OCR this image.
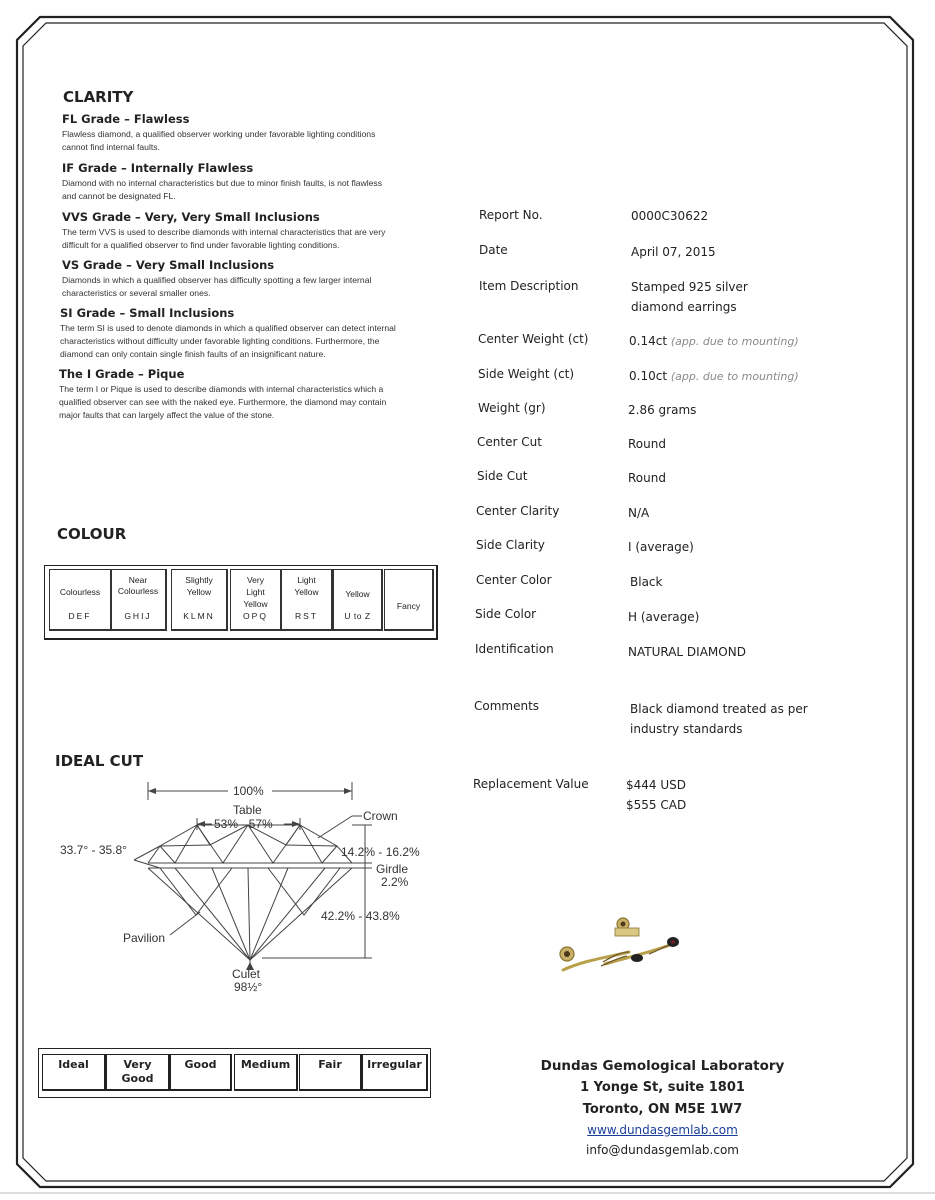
CLARITY
FL Grade – Flawless
Flawless diamond, a qualified observer working under favorable lighting conditions
cannot find internal faults.
IF Grade – Internally Flawless
Diamond with no internal characteristics but due to minor finish faults, is not flawless
and cannot be designated FL.
VVS Grade – Very, Very Small Inclusions
The term VVS is used to describe diamonds with internal characteristics that are very
difficult for a qualified observer to find under favorable lighting conditions.
VS Grade – Very Small Inclusions
Diamonds in which a qualified observer has difficulty spotting a few larger internal
characteristics or several smaller ones.
SI Grade – Small Inclusions
The term SI is used to denote diamonds in which a qualified observer can detect internal
characteristics without difficulty under favorable lighting conditions. Furthermore, the
diamond can only contain single finish faults of an insignificant nature.
The I Grade – Pique
The term I or Pique is used to describe diamonds with internal characteristics which a
qualified observer can see with the naked eye. Furthermore, the diamond may contain
major faults that can largely affect the value of the stone.
COLOUR
Colourless
DEF
Near
Colourless
GHIJ
Slightly
Yellow
KLMN
Very
Light
Yellow
OPQ
Light
Yellow
RST
Yellow
U to Z
Fancy
IDEAL CUT
100%
Table
53% - 57%
Crown
33.7° - 35.8°	14.2% - 16.2%
Girdle
2.2%
42.2% - 43.8%
Pavilion
Culet
98½°
Ideal	Very
Good
Good	Medium	Fair	Irregular
Report No.	0000C30622
Date	April 07, 2015
Item Description	Stamped 925 silver
diamond earrings
Center Weight (ct)	0.14ct (app. due to mounting)
Side Weight (ct)	0.10ct (app. due to mounting)
Weight (gr)	2.86 grams
Center Cut	Round
Side Cut	Round
Center Clarity	N/A
Side Clarity	I (average)
Center Color	Black
Side Color	H (average)
Identification	NATURAL DIAMOND
Comments	Black diamond treated as per
industry standards
Replacement Value	$444 USD
$555 CAD
Dundas Gemological Laboratory
1 Yonge St, suite 1801
Toronto, ON M5E 1W7
www.dundasgemlab.com
info@dundasgemlab.com
